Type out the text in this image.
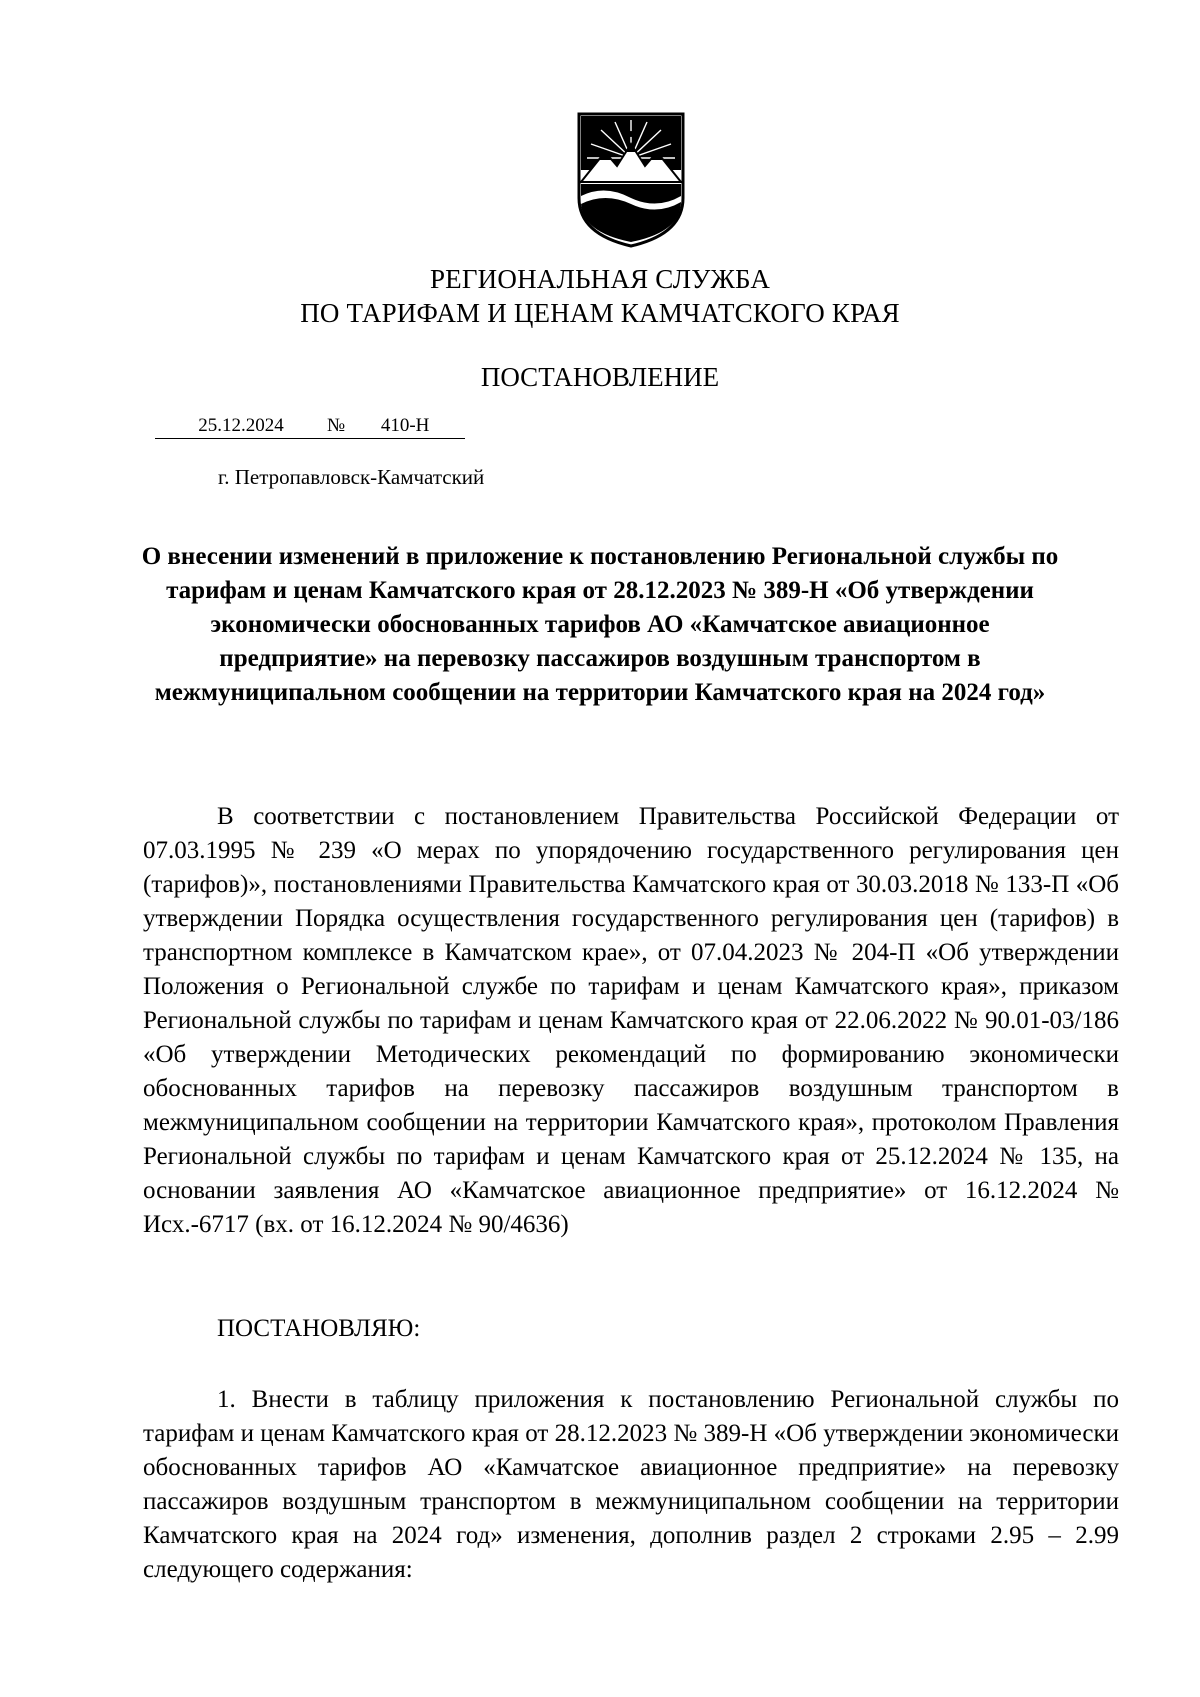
РЕГИОНАЛЬНАЯ СЛУЖБА
ПО ТАРИФАМ И ЦЕНАМ КАМЧАТСКОГО КРАЯ
ПОСТАНОВЛЕНИЕ
25.12.2024 № 410-Н
г. Петропавловск-Камчатский
О внесении изменений в приложение к постановлению Региональной службы по тарифам и ценам Камчатского края от 28.12.2023 № 389-Н «Об утверждении экономически обоснованных тарифов АО «Камчатское авиационное предприятие» на перевозку пассажиров воздушным транспортом в межмуниципальном сообщении на территории Камчатского края на 2024 год»
В соответствии с постановлением Правительства Российской Федерации от 07.03.1995 № 239 «О мерах по упорядочению государственного регулирования цен (тарифов)», постановлениями Правительства Камчатского края от 30.03.2018 № 133-П «Об утверждении Порядка осуществления государственного регулирования цен (тарифов) в транспортном комплексе в Камчатском крае», от 07.04.2023 № 204-П «Об утверждении Положения о Региональной службе по тарифам и ценам Камчатского края», приказом Региональной службы по тарифам и ценам Камчатского края от 22.06.2022 № 90.01-03/186 «Об утверждении Методических рекомендаций по формированию экономически обоснованных тарифов на перевозку пассажиров воздушным транспортом в межмуниципальном сообщении на территории Камчатского края», протоколом Правления Региональной службы по тарифам и ценам Камчатского края от 25.12.2024 № 135, на основании заявления АО «Камчатское авиационное предприятие» от 16.12.2024 № Исх.-6717 (вх. от 16.12.2024 № 90/4636)
ПОСТАНОВЛЯЮ:
1. Внести в таблицу приложения к постановлению Региональной службы по тарифам и ценам Камчатского края от 28.12.2023 № 389-Н «Об утверждении экономически обоснованных тарифов АО «Камчатское авиационное предприятие» на перевозку пассажиров воздушным транспортом в межмуниципальном сообщении на территории Камчатского края на 2024 год» изменения, дополнив раздел 2 строками 2.95 – 2.99 следующего содержания:
